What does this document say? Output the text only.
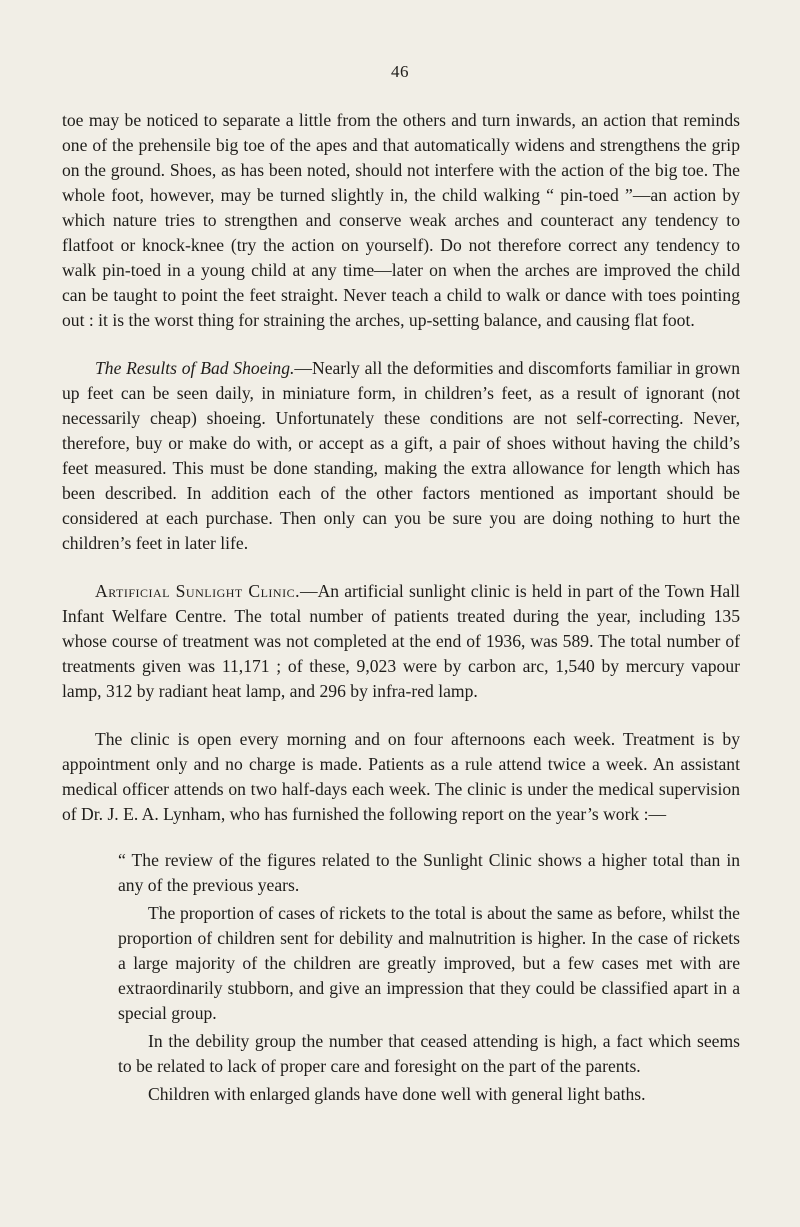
46

toe may be noticed to separate a little from the others and turn inwards, an action that reminds one of the prehensile big toe of the apes and that automatically widens and strengthens the grip on the ground. Shoes, as has been noted, should not interfere with the action of the big toe. The whole foot, however, may be turned slightly in, the child walking “ pin-toed ”—an action by which nature tries to strengthen and conserve weak arches and counteract any tendency to flatfoot or knock-knee (try the action on yourself). Do not therefore correct any tendency to walk pin-toed in a young child at any time—later on when the arches are improved the child can be taught to point the feet straight. Never teach a child to walk or dance with toes pointing out : it is the worst thing for straining the arches, up-setting balance, and causing flat foot.

The Results of Bad Shoeing.—Nearly all the deformities and discomforts familiar in grown up feet can be seen daily, in miniature form, in children’s feet, as a result of ignorant (not necessarily cheap) shoeing. Unfortunately these conditions are not self-correcting. Never, therefore, buy or make do with, or accept as a gift, a pair of shoes without having the child’s feet measured. This must be done standing, making the extra allowance for length which has been described. In addition each of the other factors mentioned as important should be considered at each purchase. Then only can you be sure you are doing nothing to hurt the children’s feet in later life.

Artificial Sunlight Clinic.—An artificial sunlight clinic is held in part of the Town Hall Infant Welfare Centre. The total number of patients treated during the year, including 135 whose course of treatment was not completed at the end of 1936, was 589. The total number of treatments given was 11,171 ; of these, 9,023 were by carbon arc, 1,540 by mercury vapour lamp, 312 by radiant heat lamp, and 296 by infra-red lamp.

The clinic is open every morning and on four afternoons each week. Treatment is by appointment only and no charge is made. Patients as a rule attend twice a week. An assistant medical officer attends on two half-days each week. The clinic is under the medical supervision of Dr. J. E. A. Lynham, who has furnished the following report on the year’s work :—

“ The review of the figures related to the Sunlight Clinic shows a higher total than in any of the previous years.

The proportion of cases of rickets to the total is about the same as before, whilst the proportion of children sent for debility and malnutrition is higher. In the case of rickets a large majority of the children are greatly improved, but a few cases met with are extraordinarily stubborn, and give an impression that they could be classified apart in a special group.

In the debility group the number that ceased attending is high, a fact which seems to be related to lack of proper care and foresight on the part of the parents.

Children with enlarged glands have done well with general light baths.
